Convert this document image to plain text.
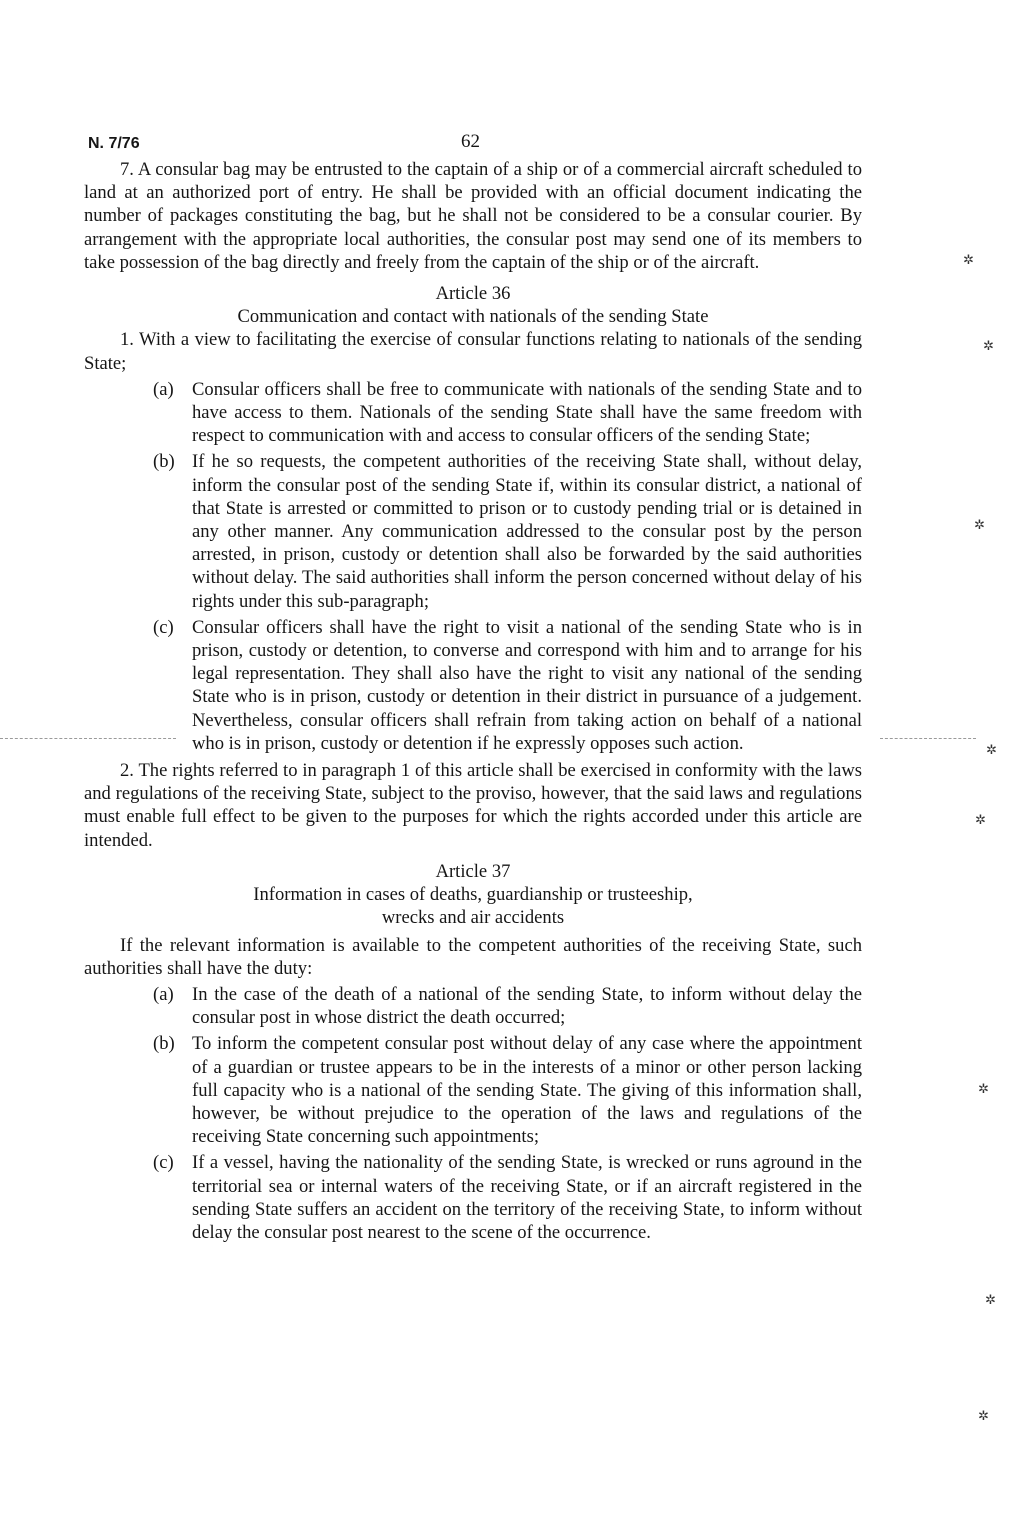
N. 7/76	62

7. A consular bag may be entrusted to the captain of a ship or of a commercial aircraft scheduled to land at an authorized port of entry. He shall be provided with an official document indicating the number of packages constituting the bag, but he shall not be considered to be a consular courier. By arrangement with the appropriate local authorities, the consular post may send one of its members to take possession of the bag directly and freely from the captain of the ship or of the aircraft.

Article 36

Communication and contact with nationals of the sending State

1. With a view to facilitating the exercise of consular functions relating to nationals of the sending State;

(a) Consular officers shall be free to communicate with nationals of the sending State and to have access to them. Nationals of the sending State shall have the same freedom with respect to communication with and access to consular officers of the sending State;
(b) If he so requests, the competent authorities of the receiving State shall, without delay, inform the consular post of the sending State if, within its consular district, a national of that State is arrested or committed to prison or to custody pending trial or is detained in any other manner. Any communication addressed to the consular post by the person arrested, in prison, custody or detention shall also be forwarded by the said authorities without delay. The said authorities shall inform the person concerned without delay of his rights under this sub-paragraph;
(c) Consular officers shall have the right to visit a national of the sending State who is in prison, custody or detention, to converse and correspond with him and to arrange for his legal representation. They shall also have the right to visit any national of the sending State who is in prison, custody or detention in their district in pursuance of a judgement. Nevertheless, consular officers shall refrain from taking action on behalf of a national who is in prison, custody or detention if he expressly opposes such action.

2. The rights referred to in paragraph 1 of this article shall be exercised in conformity with the laws and regulations of the receiving State, subject to the proviso, however, that the said laws and regulations must enable full effect to be given to the purposes for which the rights accorded under this article are intended.

Article 37

Information in cases of deaths, guardianship or trusteeship,

wrecks and air accidents

If the relevant information is available to the competent authorities of the receiving State, such authorities shall have the duty:

(a) In the case of the death of a national of the sending State, to inform without delay the consular post in whose district the death occurred;
(b) To inform the competent consular post without delay of any case where the appointment of a guardian or trustee appears to be in the interests of a minor or other person lacking full capacity who is a national of the sending State. The giving of this information shall, however, be without prejudice to the operation of the laws and regulations of the receiving State concerning such appointments;
(c) If a vessel, having the nationality of the sending State, is wrecked or runs aground in the territorial sea or internal waters of the receiving State, or if an aircraft registered in the sending State suffers an accident on the territory of the receiving State, to inform without delay the consular post nearest to the scene of the occurrence.
✲
✲
✲
✲
✲
✲
✲
✲
